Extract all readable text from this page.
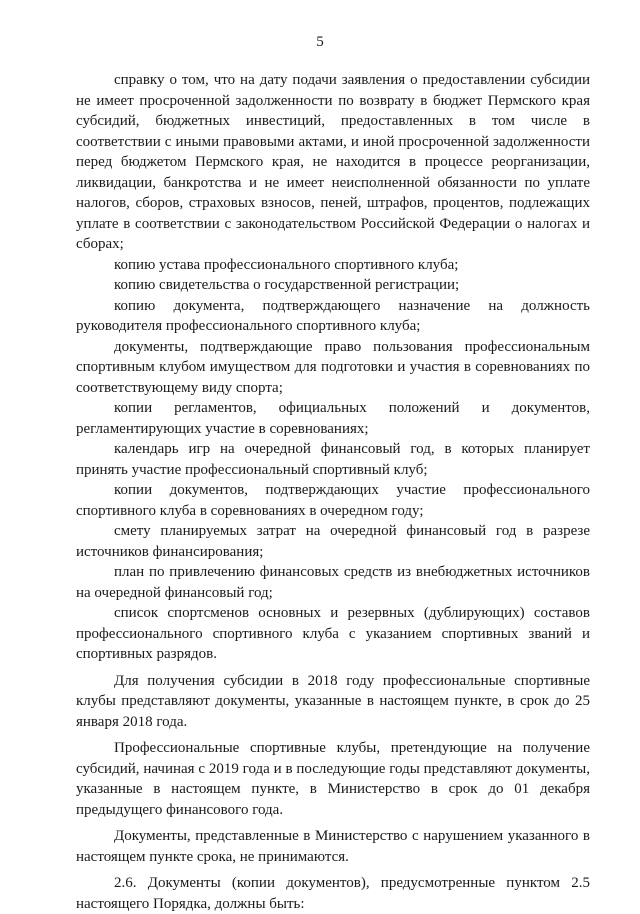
5

справку о том, что на дату подачи заявления о предоставлении субсидии не имеет просроченной задолженности по возврату в бюджет Пермского края субсидий, бюджетных инвестиций, предоставленных в том числе в соответствии с иными правовыми актами, и иной просроченной задолженности перед бюджетом Пермского края, не находится в процессе реорганизации, ликвидации, банкротства и не имеет неисполненной обязанности по уплате налогов, сборов, страховых взносов, пеней, штрафов, процентов, подлежащих уплате в соответствии с законодательством Российской Федерации о налогах и сборах;

копию устава профессионального спортивного клуба;

копию свидетельства о государственной регистрации;

копию документа, подтверждающего назначение на должность руководителя профессионального спортивного клуба;

документы, подтверждающие право пользования профессиональным спортивным клубом имуществом для подготовки и участия в соревнованиях по соответствующему виду спорта;

копии регламентов, официальных положений и документов, регламентирующих участие в соревнованиях;

календарь игр на очередной финансовый год, в которых планирует принять участие профессиональный спортивный клуб;

копии документов, подтверждающих участие профессионального спортивного клуба в соревнованиях в очередном году;

смету планируемых затрат на очередной финансовый год в разрезе источников финансирования;

план по привлечению финансовых средств из внебюджетных источников на очередной финансовый год;

список спортсменов основных и резервных (дублирующих) составов профессионального спортивного клуба с указанием спортивных званий и спортивных разрядов.

Для получения субсидии в 2018 году профессиональные спортивные клубы представляют документы, указанные в настоящем пункте, в срок до 25 января 2018 года.

Профессиональные спортивные клубы, претендующие на получение субсидий, начиная с 2019 года и в последующие годы представляют документы, указанные в настоящем пункте, в Министерство в срок до 01 декабря предыдущего финансового года.

Документы, представленные в Министерство с нарушением указанного в настоящем пункте срока, не принимаются.

2.6. Документы (копии документов), предусмотренные пунктом 2.5 настоящего Порядка, должны быть:
